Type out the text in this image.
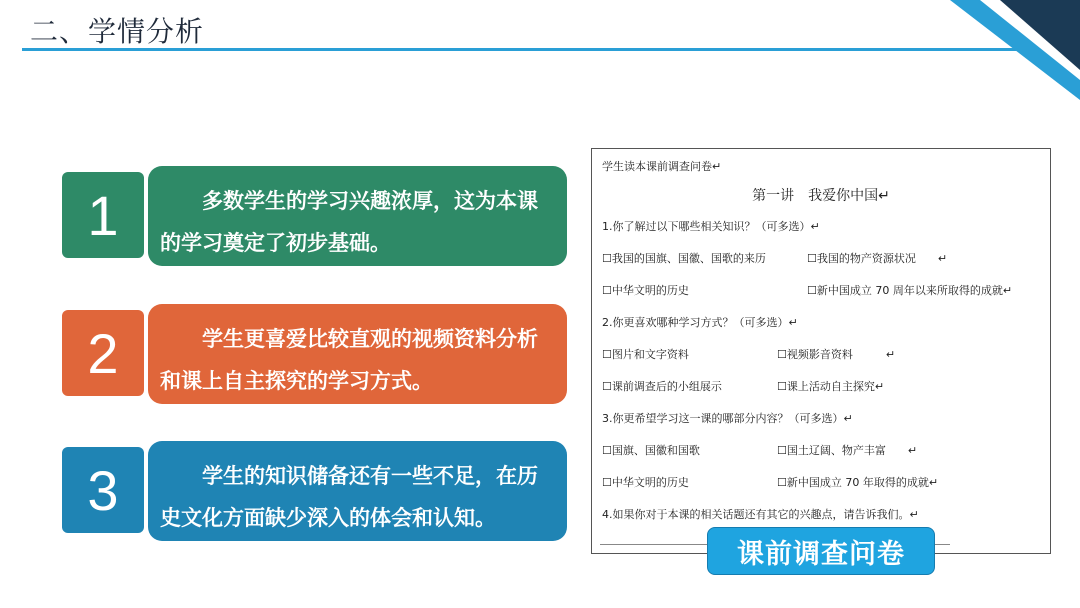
二、学情分析
1	多数学生的学习兴趣浓厚，这为本课的学习奠定了初步基础。
2	学生更喜爱比较直观的视频资料分析和课上自主探究的学习方式。
3	学生的知识储备还有一些不足，在历史文化方面缺少深入的体会和认知。
学生读本课前调查问卷↵
第一讲　我爱你中国↵
1.你了解过以下哪些相关知识？（可多选）↵
☐我国的国旗、国徽、国歌的来历	☐我国的物产资源状况　　↵
☐中华文明的历史	☐新中国成立 70 周年以来所取得的成就↵
2.你更喜欢哪种学习方式？（可多选）↵
☐图片和文字资料	☐视频影音资料　　　↵
☐课前调查后的小组展示	☐课上活动自主探究↵
3.你更希望学习这一课的哪部分内容？（可多选）↵
☐国旗、国徽和国歌	☐国土辽阔、物产丰富　　↵
☐中华文明的历史	☐新中国成立 70 年取得的成就↵
4.如果你对于本课的相关话题还有其它的兴趣点，请告诉我们。↵
课前调查问卷
